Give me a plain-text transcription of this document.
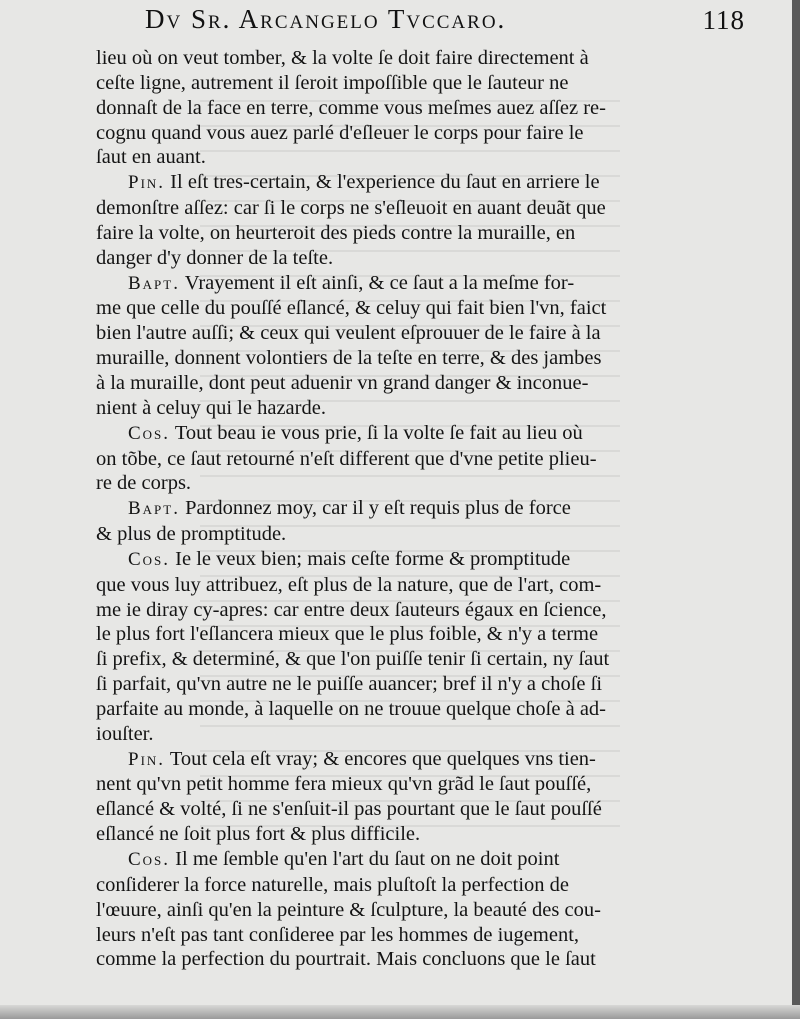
Dv Sr. Arcangelo Tvccaro.	118

lieu où on veut tomber, & la volte ſe doit faire directement à
ceſte ligne, autrement il ſeroit impoſſible que le ſauteur ne
donnaſt de la face en terre, comme vous meſmes auez aſſez re-
cognu quand vous auez parlé d'eſleuer le corps pour faire le
ſaut en auant.

Pin. Il eſt tres-certain, & l'experience du ſaut en arriere le
demonſtre aſſez: car ſi le corps ne s'eſleuoit en auant deuãt que
faire la volte, on heurteroit des pieds contre la muraille, en
danger d'y donner de la teſte.

Bapt. Vrayement il eſt ainſi, & ce ſaut a la meſme for-
me que celle du pouſſé eſlancé, & celuy qui fait bien l'vn, faict
bien l'autre auſſi; & ceux qui veulent eſprouuer de le faire à la
muraille, donnent volontiers de la teſte en terre, & des jambes
à la muraille, dont peut aduenir vn grand danger & inconue-
nient à celuy qui le hazarde.

Cos. Tout beau ie vous prie, ſi la volte ſe fait au lieu où
on tõbe, ce ſaut retourné n'eſt different que d'vne petite plieu-
re de corps.

Bapt. Pardonnez moy, car il y eſt requis plus de force
& plus de promptitude.

Cos. Ie le veux bien; mais ceſte forme & promptitude
que vous luy attribuez, eſt plus de la nature, que de l'art, com-
me ie diray cy-apres: car entre deux ſauteurs égaux en ſcience,
le plus fort l'eſlancera mieux que le plus foible, & n'y a terme
ſi prefix, & determiné, & que l'on puiſſe tenir ſi certain, ny ſaut
ſi parfait, qu'vn autre ne le puiſſe auancer; bref il n'y a choſe ſi
parfaite au monde, à laquelle on ne trouue quelque choſe à ad-
iouſter.

Pin. Tout cela eſt vray; & encores que quelques vns tien-
nent qu'vn petit homme fera mieux qu'vn grãd le ſaut pouſſé,
eſlancé & volté, ſi ne s'enſuit-il pas pourtant que le ſaut pouſſé
eſlancé ne ſoit plus fort & plus difficile.

Cos. Il me ſemble qu'en l'art du ſaut on ne doit point
conſiderer la force naturelle, mais pluſtoſt la perfection de
l'œuure, ainſi qu'en la peinture & ſculpture, la beauté des cou-
leurs n'eſt pas tant conſideree par les hommes de iugement,
comme la perfection du pourtrait. Mais concluons que le ſaut
